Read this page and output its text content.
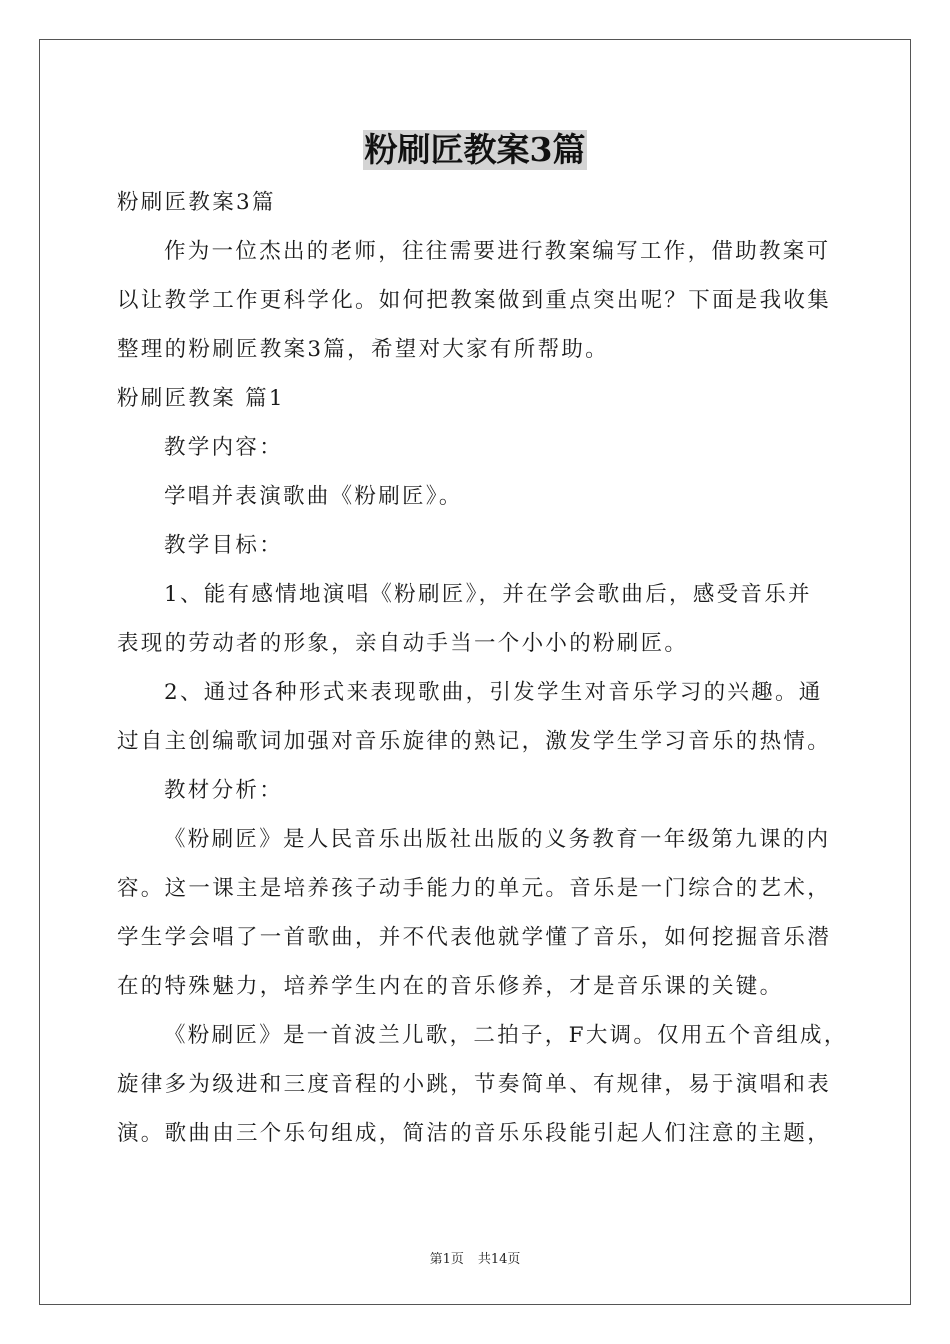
粉刷匠教案3篇
粉刷匠教案3篇
作为一位杰出的老师，往往需要进行教案编写工作，借助教案可
以让教学工作更科学化。如何把教案做到重点突出呢？下面是我收集
整理的粉刷匠教案3篇，希望对大家有所帮助。
粉刷匠教案 篇1
教学内容：
学唱并表演歌曲《粉刷匠》。
教学目标：
1、能有感情地演唱《粉刷匠》，并在学会歌曲后，感受音乐并
表现的劳动者的形象，亲自动手当一个小小的粉刷匠。
2、通过各种形式来表现歌曲，引发学生对音乐学习的兴趣。通
过自主创编歌词加强对音乐旋律的熟记，激发学生学习音乐的热情。
教材分析：
《粉刷匠》是人民音乐出版社出版的义务教育一年级第九课的内
容。这一课主是培养孩子动手能力的单元。音乐是一门综合的艺术，
学生学会唱了一首歌曲，并不代表他就学懂了音乐，如何挖掘音乐潜
在的特殊魅力，培养学生内在的音乐修养，才是音乐课的关键。
《粉刷匠》是一首波兰儿歌，二拍子，F大调。仅用五个音组成，
旋律多为级进和三度音程的小跳，节奏简单、有规律，易于演唱和表
演。歌曲由三个乐句组成，简洁的音乐乐段能引起人们注意的主题，
第1页 共14页
